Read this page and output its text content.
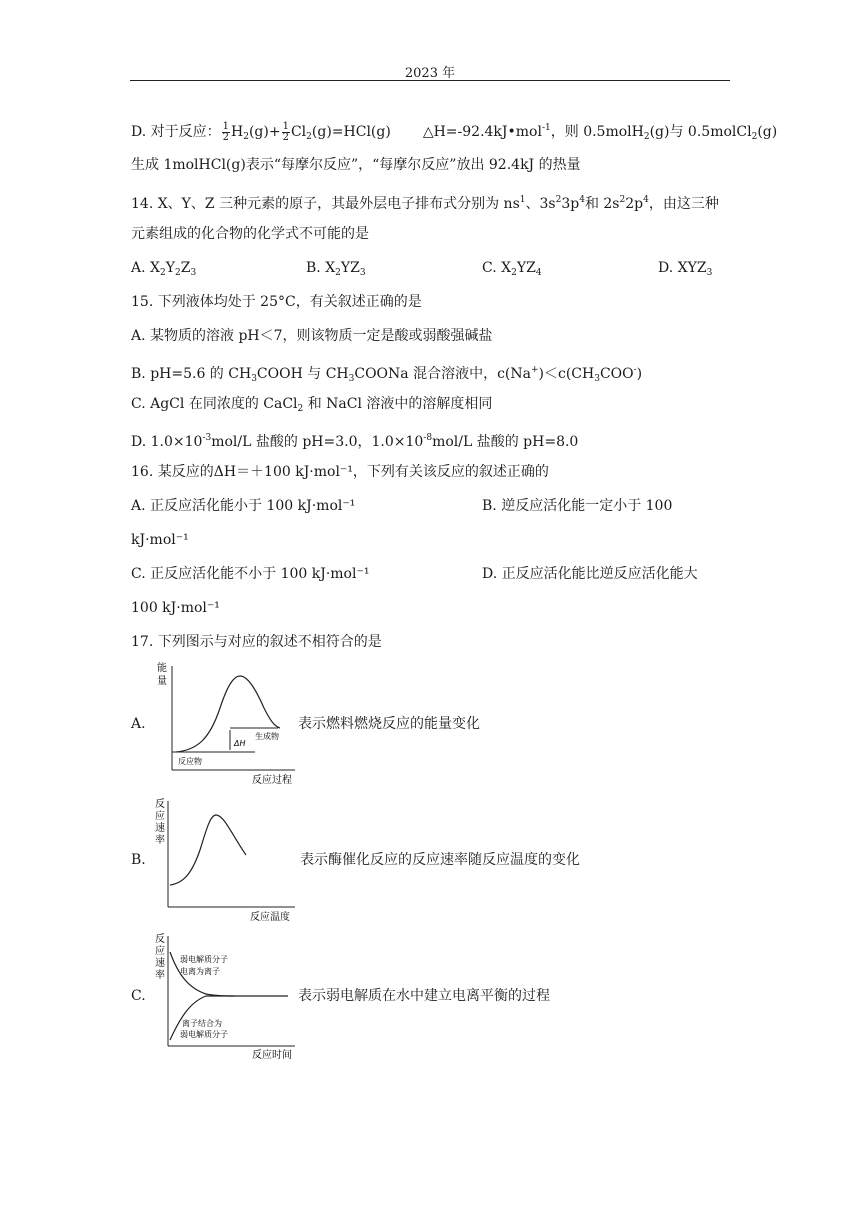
2023 年
D. 对于反应： $\frac{1}{2} H_2(g)+ \frac{1}{2} Cl_2(g)=HCl(g)$ △H=-92.4kJ•mol$^{-1}$，则 0.5molH$_2$(g)与 0.5molCl$_2$(g)
生成 1molHCl(g)表示“每摩尔反应”，“每摩尔反应”放出 92.4kJ 的热量
14. X、Y、Z 三种元素的原子，其最外层电子排布式分别为 $ns^1$、$3s^23p^4$和 $2s^22p^4$，由这三种
元素组成的化合物的化学式不可能的是
A. $X_2Y_2Z_3$	B. $X_2YZ_3$	C. $X_2YZ_4$	D. $XYZ_3$
15. 下列液体均处于 25°C，有关叙述正确的是
A. 某物质的溶液 pH＜7，则该物质一定是酸或弱酸强碱盐
B. pH=5.6 的 $CH_3COOH$ 与 $CH_3COONa$ 混合溶液中，$c(Na^+)<c(CH_3COO^-)$
C. AgCl 在同浓度的 CaCl$_2$ 和 NaCl 溶液中的溶解度相同
D. $1.0\times 10^{-3}mol/L$ 盐酸的 pH=3.0，$1.0\times 10^{-8}mol/L$ 盐酸的 pH=8.0
16. 某反应的ΔH＝＋100 kJ·mol⁻¹，下列有关该反应的叙述正确的
A. 正反应活化能小于 100 kJ·mol⁻¹	B. 逆反应活化能一定小于 100
kJ·mol⁻¹
C. 正反应活化能不小于 100 kJ·mol⁻¹	D. 正反应活化能比逆反应活化能大
100 kJ·mol⁻¹
17. 下列图示与对应的叙述不相符合的是
A.	表示燃料燃烧反应的能量变化
能
量
ΔH
生成物
反应物
反应过程
B.	表示酶催化反应的反应速率随反应温度的变化
反
应
速
率
反应温度
C.	表示弱电解质在水中建立电离平衡的过程
反
应
速
率
弱电解质分子
电离为离子
离子结合为
弱电解质分子
反应时间
